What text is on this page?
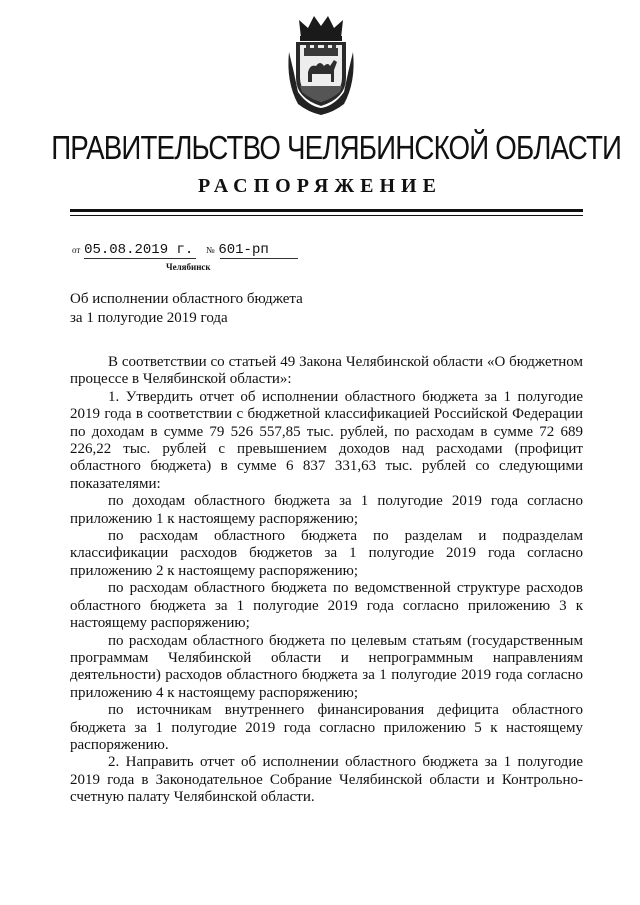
ПРАВИТЕЛЬСТВО ЧЕЛЯБИНСКОЙ ОБЛАСТИ
РАСПОРЯЖЕНИЕ
от 05.08.2019 г. № 601-рп
Челябинск
Об исполнении областного бюджета
за 1 полугодие 2019 года

В соответствии со статьей 49 Закона Челябинской области «О бюджетном процессе в Челябинской области»:

1. Утвердить отчет об исполнении областного бюджета за 1 полугодие 2019 года в соответствии с бюджетной классификацией Российской Федерации по доходам в сумме 79 526 557,85 тыс. рублей, по расходам в сумме 72 689 226,22 тыс. рублей с превышением доходов над расходами (профицит областного бюджета) в сумме 6 837 331,63 тыс. рублей со следующими показателями:

по доходам областного бюджета за 1 полугодие 2019 года согласно приложению 1 к настоящему распоряжению;

по расходам областного бюджета по разделам и подразделам классификации расходов бюджетов за 1 полугодие 2019 года согласно приложению 2 к настоящему распоряжению;

по расходам областного бюджета по ведомственной структуре расходов областного бюджета за 1 полугодие 2019 года согласно приложению 3 к настоящему распоряжению;

по расходам областного бюджета по целевым статьям (государственным программам Челябинской области и непрограммным направлениям деятельности) расходов областного бюджета за 1 полугодие 2019 года согласно приложению 4 к настоящему распоряжению;

по источникам внутреннего финансирования дефицита областного бюджета за 1 полугодие 2019 года согласно приложению 5 к настоящему распоряжению.

2. Направить отчет об исполнении областного бюджета за 1 полугодие 2019 года в Законодательное Собрание Челябинской области и Контрольно-счетную палату Челябинской области.
